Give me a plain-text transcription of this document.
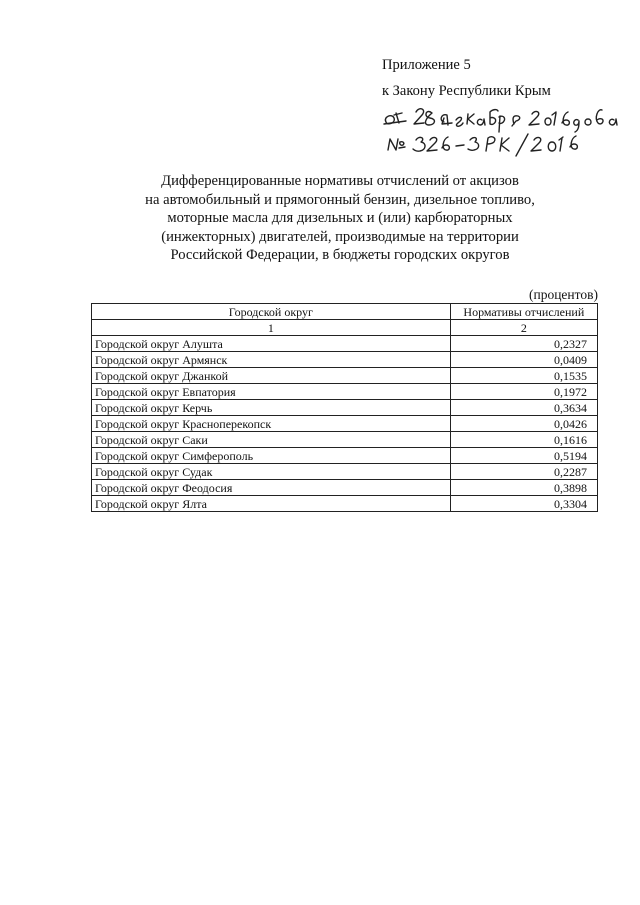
Приложение 5

к Закону Республики Крым

Дифференцированные нормативы отчислений от акцизов
на автомобильный и прямогонный бензин, дизельное топливо,
моторные масла для дизельных и (или) карбюраторных
(инжекторных) двигателей, производимые на территории
Российской Федерации, в бюджеты городских округов
(процентов)
Городской округ	Нормативы отчислений
1	2
Городской округ Алушта	0,2327
Городской округ Армянск	0,0409
Городской округ Джанкой	0,1535
Городской округ Евпатория	0,1972
Городской округ Керчь	0,3634
Городской округ Красноперекопск	0,0426
Городской округ Саки	0,1616
Городской округ Симферополь	0,5194
Городской округ Судак	0,2287
Городской округ Феодосия	0,3898
Городской округ Ялта	0,3304
